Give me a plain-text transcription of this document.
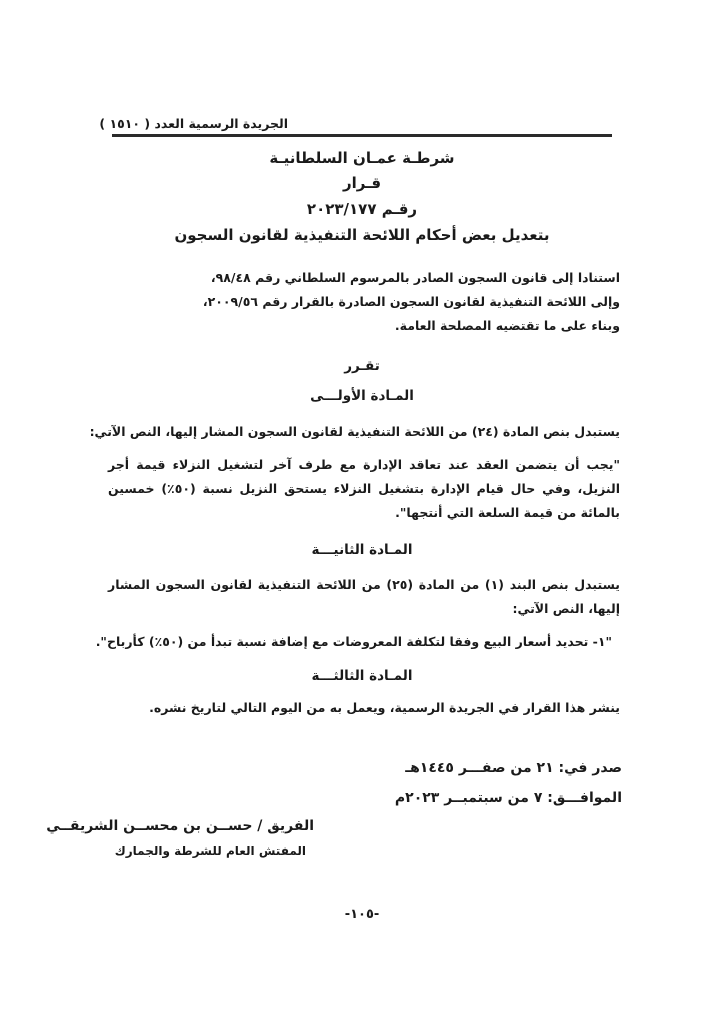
الجريدة الرسمية العدد ( ١٥١٠ )
شرطـة عمـان السلطانيـة
قـرار
رقـم ٢٠٢٣/١٧٧
بتعديل بعض أحكام اللائحة التنفيذية لقانون السجون
استنادا إلى قانون السجون الصادر بالمرسوم السلطاني رقم ٩٨/٤٨،
وإلى اللائحة التنفيذية لقانون السجون الصادرة بالقرار رقم ٢٠٠٩/٥٦،
وبناء على ما تقتضيه المصلحة العامة.
تقـرر
المـادة الأولـــى
يستبدل بنص المادة (٢٤) من اللائحة التنفيذية لقانون السجون المشار إليها، النص الآتي:
"يجب أن يتضمن العقد عند تعاقد الإدارة مع طرف آخر لتشغيل النزلاء قيمة أجر النزيل، وفي حال قيام الإدارة بتشغيل النزلاء يستحق النزيل نسبة (٥٠٪) خمسين بالمائة من قيمة السلعة التي أنتجها".
المـادة الثانيـــة
يستبدل بنص البند (١) من المادة (٢٥) من اللائحة التنفيذية لقانون السجون المشار إليها، النص الآتي:
"١- تحديد أسعار البيع وفقا لتكلفة المعروضات مع إضافة نسبة تبدأ من (٥٠٪) كأرباح".
المـادة الثالثـــة
ينشر هذا القرار في الجريدة الرسمية، ويعمل به من اليوم التالي لتاريخ نشره.
صدر في: ٢١ من صفـــر ١٤٤٥هـ
الموافـــق: ٧ من سبتمبــر ٢٠٢٣م
الفريق / حســن بن محســن الشريقــي
المفتش العام للشرطة والجمارك
-١٠٥-
